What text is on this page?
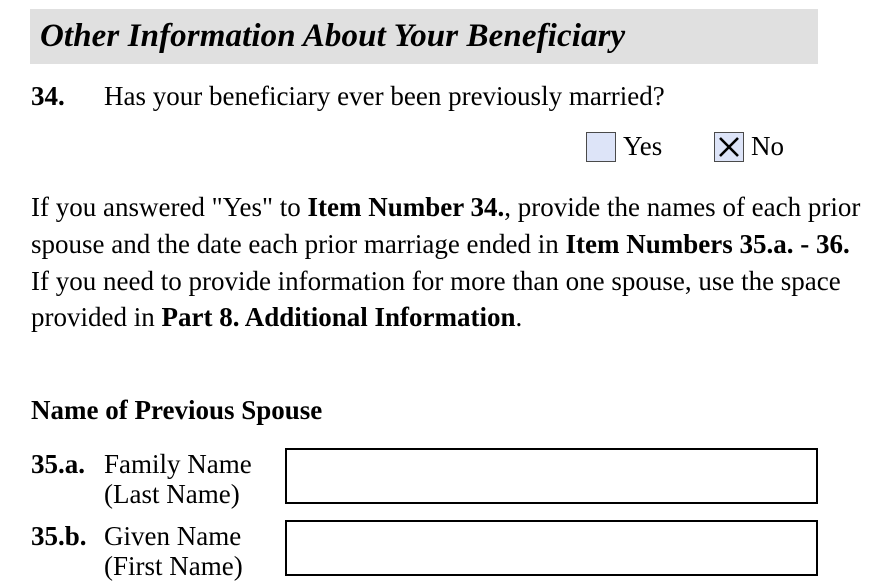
Other Information About Your Beneficiary
34. Has your beneficiary ever been previously married?
Yes	No
If you answered "Yes" to Item Number 34., provide the names of each prior spouse and the date each prior marriage ended in Item Numbers 35.a. - 36.  If you need to provide information for more than one spouse, use the space provided in Part 8. Additional Information.
Name of Previous Spouse
35.a. Family Name
(Last Name)
35.b. Given Name
(First Name)
